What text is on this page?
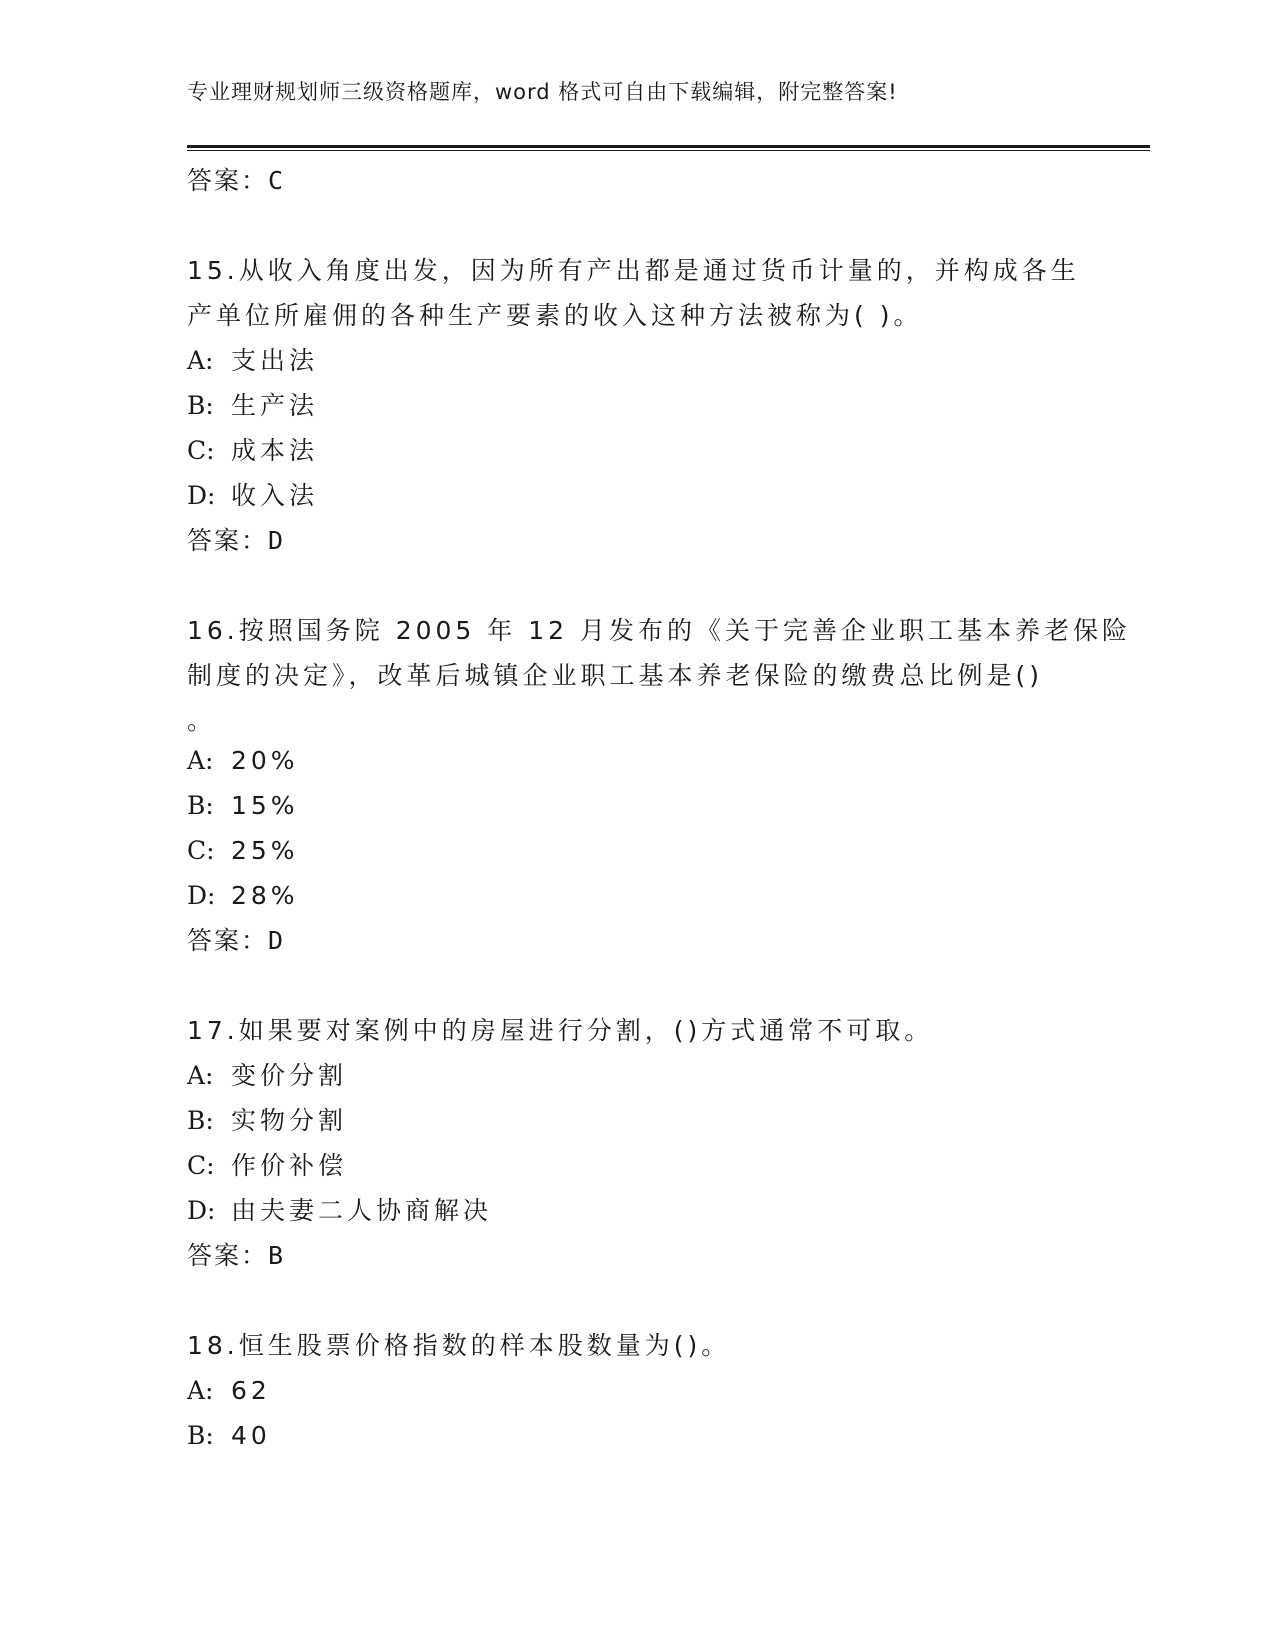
专业理财规划师三级资格题库，word 格式可自由下载编辑，附完整答案!
答案：C
15.从收入角度出发，因为所有产出都是通过货币计量的，并构成各生
产单位所雇佣的各种生产要素的收入这种方法被称为( )。
A: 支出法
B: 生产法
C: 成本法
D: 收入法
答案：D
16.按照国务院 2005 年 12 月发布的《关于完善企业职工基本养老保险
制度的决定》，改革后城镇企业职工基本养老保险的缴费总比例是()
。
A: 20%
B: 15%
C: 25%
D: 28%
答案：D
17.如果要对案例中的房屋进行分割，()方式通常不可取。
A: 变价分割
B: 实物分割
C: 作价补偿
D: 由夫妻二人协商解决
答案：B
18.恒生股票价格指数的样本股数量为()。
A: 62
B: 40
